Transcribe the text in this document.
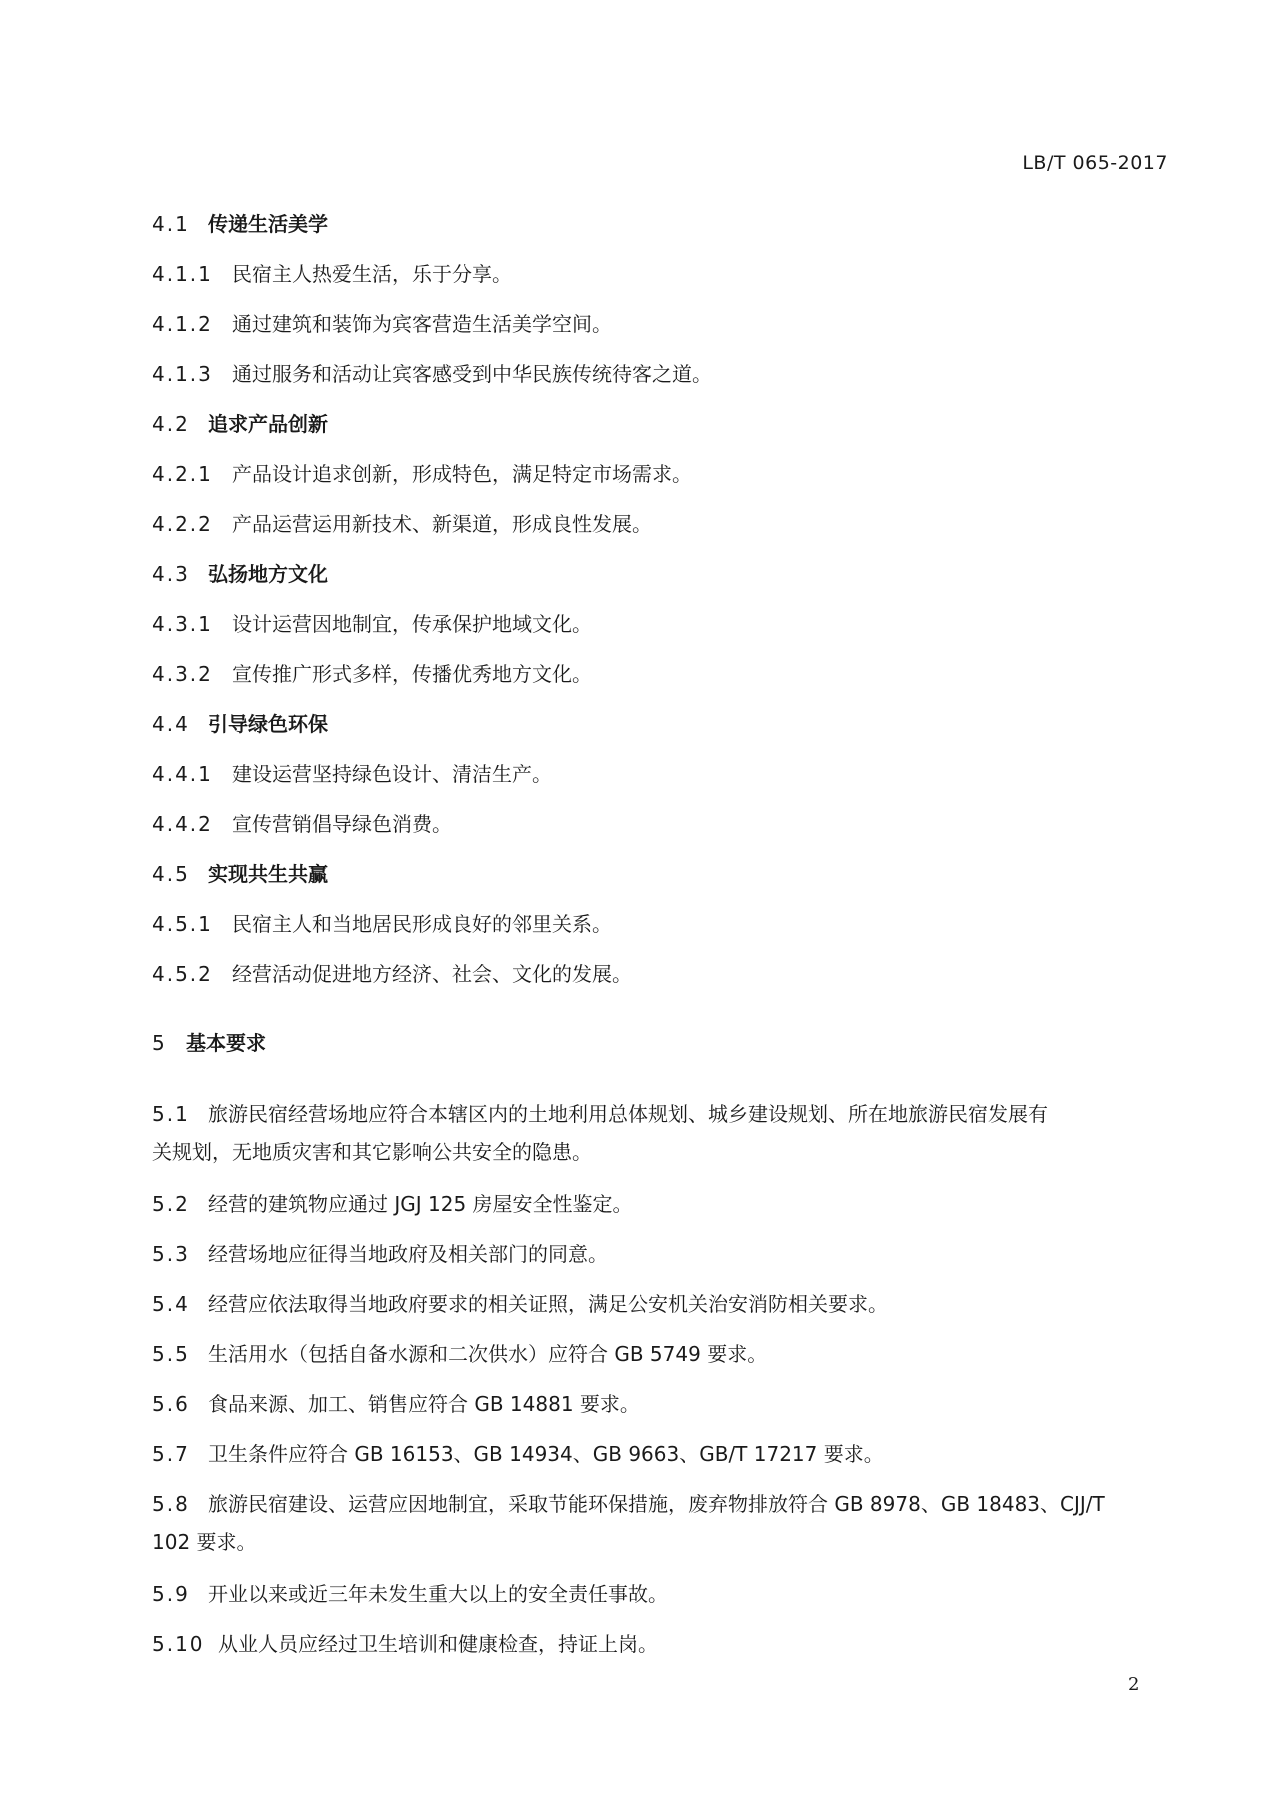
LB/T 065-2017
4.1 传递生活美学
4.1.1 民宿主人热爱生活，乐于分享。
4.1.2 通过建筑和装饰为宾客营造生活美学空间。
4.1.3 通过服务和活动让宾客感受到中华民族传统待客之道。
4.2 追求产品创新
4.2.1 产品设计追求创新，形成特色，满足特定市场需求。
4.2.2 产品运营运用新技术、新渠道，形成良性发展。
4.3 弘扬地方文化
4.3.1 设计运营因地制宜，传承保护地域文化。
4.3.2 宣传推广形式多样，传播优秀地方文化。
4.4 引导绿色环保
4.4.1 建设运营坚持绿色设计、清洁生产。
4.4.2 宣传营销倡导绿色消费。
4.5 实现共生共赢
4.5.1 民宿主人和当地居民形成良好的邻里关系。
4.5.2 经营活动促进地方经济、社会、文化的发展。
5 基本要求
5.1 旅游民宿经营场地应符合本辖区内的土地利用总体规划、城乡建设规划、所在地旅游民宿发展有
关规划，无地质灾害和其它影响公共安全的隐患。
5.2 经营的建筑物应通过 JGJ 125 房屋安全性鉴定。
5.3 经营场地应征得当地政府及相关部门的同意。
5.4 经营应依法取得当地政府要求的相关证照，满足公安机关治安消防相关要求。
5.5 生活用水（包括自备水源和二次供水）应符合 GB 5749 要求。
5.6 食品来源、加工、销售应符合 GB 14881 要求。
5.7 卫生条件应符合 GB 16153、GB 14934、GB 9663、GB/T 17217 要求。
5.8 旅游民宿建设、运营应因地制宜，采取节能环保措施，废弃物排放符合 GB 8978、GB 18483、CJJ/T
102 要求。
5.9 开业以来或近三年未发生重大以上的安全责任事故。
5.10 从业人员应经过卫生培训和健康检查，持证上岗。
2
